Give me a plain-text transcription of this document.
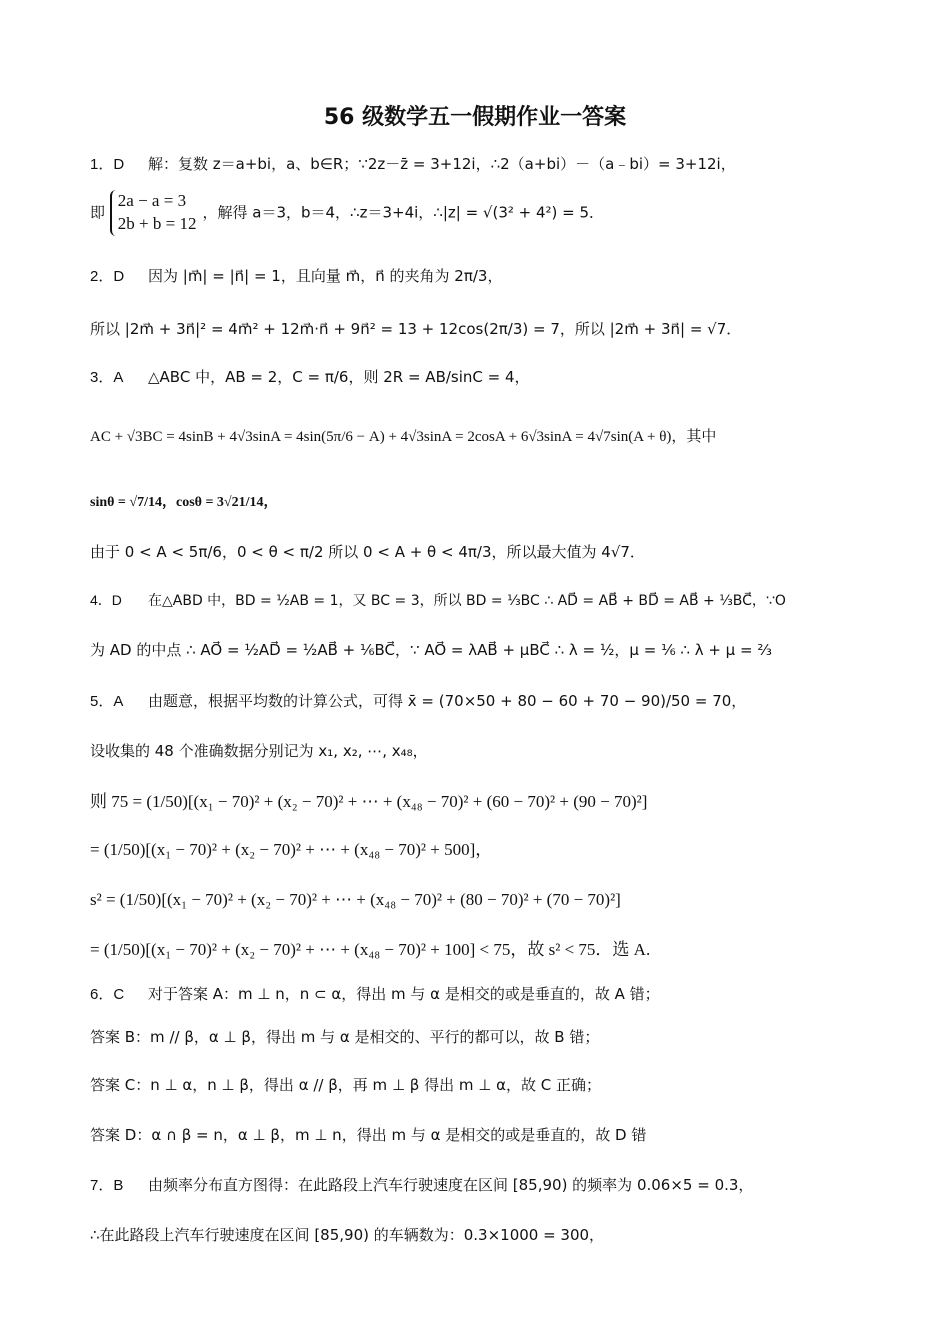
56 级数学五一假期作业一答案
1．D 解：复数 z＝a+bi，a、b∈R；∵2z－z̄ = 3+12i，∴2（a+bi）－（a﹣bi）= 3+12i，
即 2a − a = 3
2b + b = 12，解得 a＝3，b＝4，∴z＝3+4i，∴|z| = √(3² + 4²) = 5．
2．D 因为 |m⃗| = |n⃗| = 1，且向量 m⃗，n⃗ 的夹角为 2π/3，
所以 |2m⃗ + 3n⃗|² = 4m⃗² + 12m⃗·n⃗ + 9n⃗² = 13 + 12cos(2π/3) = 7，所以 |2m⃗ + 3n⃗| = √7．
3．A △ABC 中，AB = 2，C = π/6，则 2R = AB/sinC = 4，
AC + √3BC = 4sinB + 4√3sinA = 4sin(5π/6 − A) + 4√3sinA = 2cosA + 6√3sinA = 4√7sin(A + θ)，其中
sinθ = √7/14，cosθ = 3√21/14，
由于 0 < A < 5π/6，0 < θ < π/2 所以 0 < A + θ < 4π/3，所以最大值为 4√7．
4．D 在△ABD 中，BD = ½AB = 1，又 BC = 3，所以 BD = ⅓BC ∴ AD⃗ = AB⃗ + BD⃗ = AB⃗ + ⅓BC⃗，∵O
为 AD 的中点 ∴ AO⃗ = ½AD⃗ = ½AB⃗ + ⅙BC⃗，∵ AO⃗ = λAB⃗ + μBC⃗ ∴ λ = ½，μ = ⅙ ∴ λ + μ = ⅔
5．A 由题意，根据平均数的计算公式，可得 x̄ = (70×50 + 80 − 60 + 70 − 90)/50 = 70，
设收集的 48 个准确数据分别记为 x₁, x₂, ⋯, x₄₈，
则 75 = (1/50)[(x₁ − 70)² + (x₂ − 70)² + ⋯ + (x₄₈ − 70)² + (60 − 70)² + (90 − 70)²]
= (1/50)[(x₁ − 70)² + (x₂ − 70)² + ⋯ + (x₄₈ − 70)² + 500]，
s² = (1/50)[(x₁ − 70)² + (x₂ − 70)² + ⋯ + (x₄₈ − 70)² + (80 − 70)² + (70 − 70)²]
= (1/50)[(x₁ − 70)² + (x₂ − 70)² + ⋯ + (x₄₈ − 70)² + 100] < 75，故 s² < 75．选 A.
6．C 对于答案 A：m ⊥ n，n ⊂ α，得出 m 与 α 是相交的或是垂直的，故 A 错；
答案 B：m // β，α ⊥ β，得出 m 与 α 是相交的、平行的都可以，故 B 错；
答案 C：n ⊥ α，n ⊥ β，得出 α // β，再 m ⊥ β 得出 m ⊥ α，故 C 正确；
答案 D：α ∩ β = n，α ⊥ β，m ⊥ n，得出 m 与 α 是相交的或是垂直的，故 D 错
7．B 由频率分布直方图得：在此路段上汽车行驶速度在区间 [85,90) 的频率为 0.06×5 = 0.3，
∴在此路段上汽车行驶速度在区间 [85,90) 的车辆数为：0.3×1000 = 300，
